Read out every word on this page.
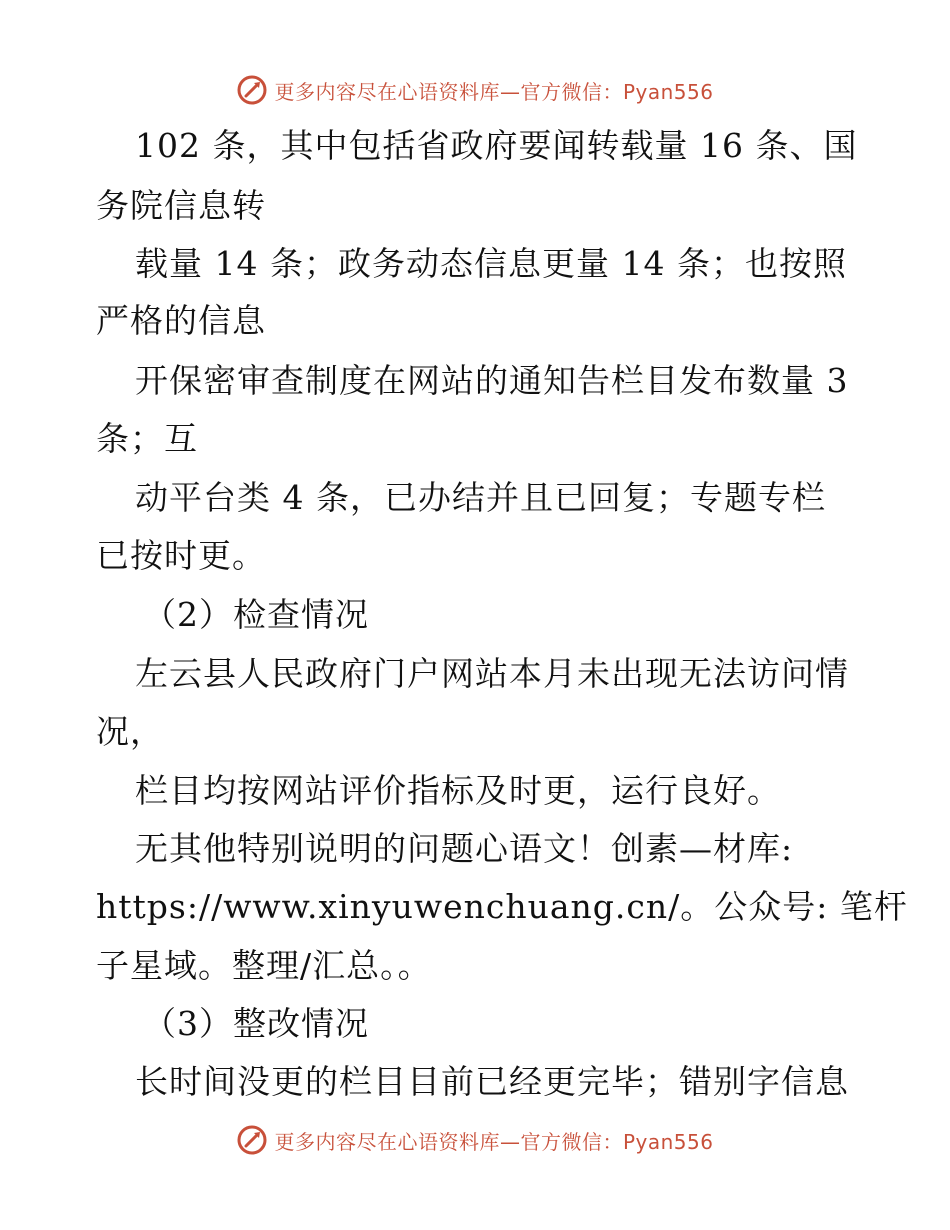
更多内容尽在心语资料库—官方微信：Pyan556
102 条，其中包括省政府要闻转载量 16 条、国
务院信息转
载量 14 条；政务动态信息更量 14 条；也按照
严格的信息
开保密审查制度在网站的通知告栏目发布数量 3
条；互
动平台类 4 条，已办结并且已回复；专题专栏
已按时更。
（2）检查情况
左云县人民政府门户网站本月未出现无法访问情
况，
栏目均按网站评价指标及时更，运行良好。
无其他特别说明的问题心语文！创素—材库:
https://www.xinyuwenchuang.cn/。公众号: 笔杆
子星域。整理/汇总。。
（3）整改情况
长时间没更的栏目目前已经更完毕；错别字信息
更多内容尽在心语资料库—官方微信：Pyan556
